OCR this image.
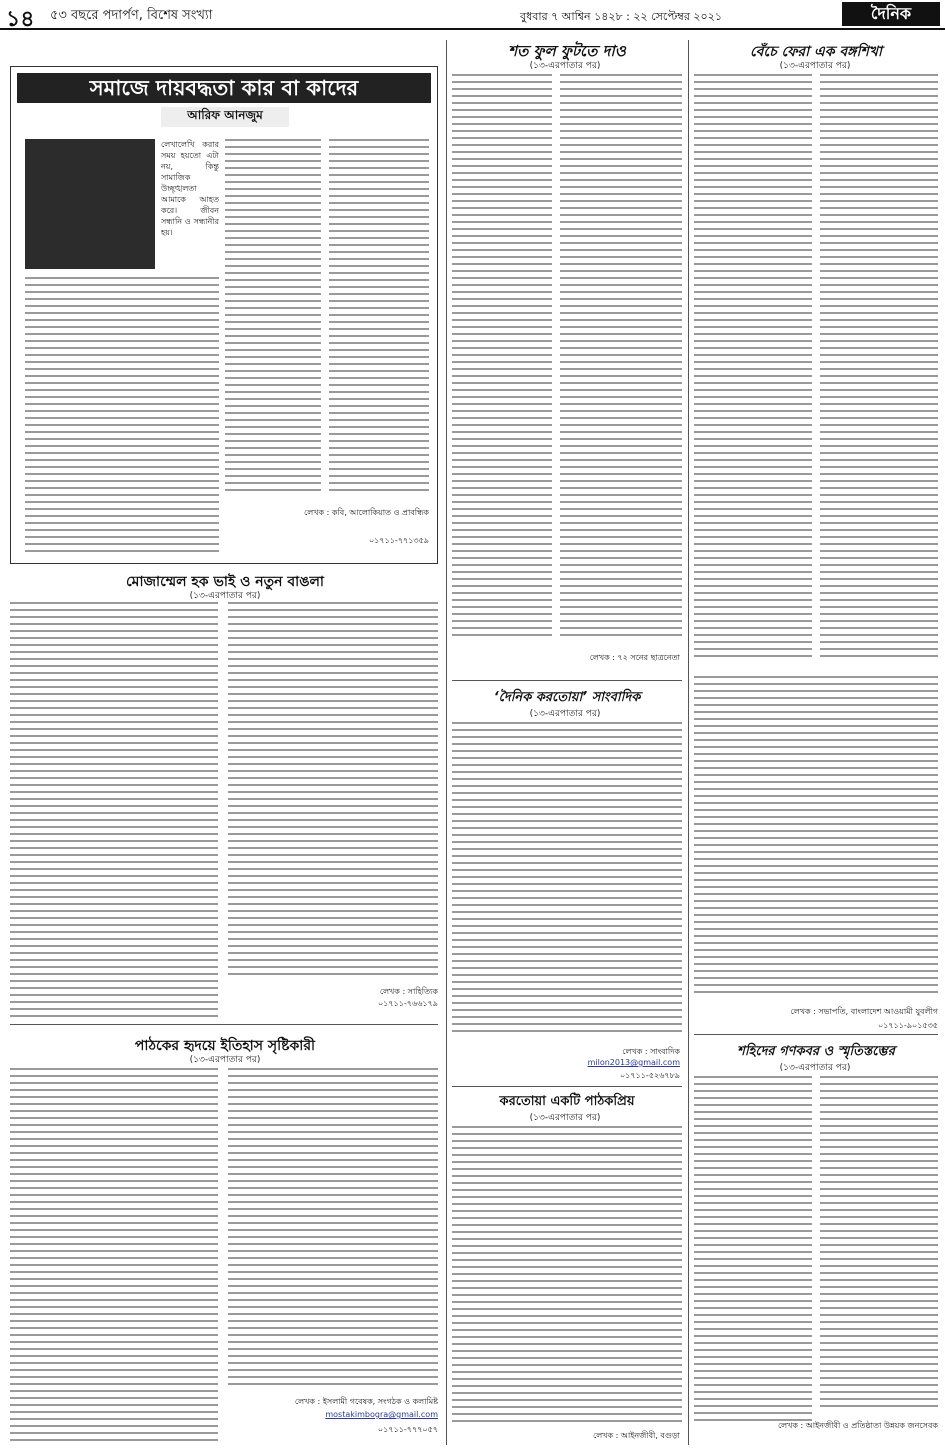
১৪ ৫৩ বছরে পদার্পণ, বিশেষ সংখ্যা	বুধবার ৭ আশ্বিন ১৪২৮ : ২২ সেপ্টেম্বর ২০২১	দৈনিক করতোয়া
সমাজে দায়বদ্ধতা কার বা কাদের
আরিফ আনজুম
লেখালেখি করার সময় হয়তো এটা নয়, কিন্তু সামাজিক উচ্ছৃঙ্খলতা আমাকে আহত করে। জীবন সন্ধানি ও সন্ধানীর হয়।
লেখক : কবি, আলোকিয়াত ও প্রাবন্ধিক
০১৭১১-৭৭১৩৫৯
মোজাম্মেল হক ভাই ও নতুন বাঙলা
(১৩-এরপাতার পর)
লেখক : সাহিত্যিক
০১৭১১-৭৬৬১৭৯
পাঠকের হৃদয়ে ইতিহাস সৃষ্টিকারী
(১৩-এরপাতার পর)
লেখক : ইসলামী গবেষক, সংগঠক ও কলামিষ্ট
mostakimbogra@gmail.com
০১৭১১-৭৭৭০৫৭
শত ফুল ফুটতে দাও
(১৩-এরপাতার পর)
লেখক : ৭২ সনের ছাত্রনেতা
‘দৈনিক করতোয়া’ সাংবাদিক
(১৩-এরপাতার পর)
লেখক : সাংবাদিক
milon2013@gmail.com
০১৭১১-৫২৬৭৮৯
করতোয়া একটি পাঠকপ্রিয়
(১৩-এরপাতার পর)
লেখক : আইনজীবী, বগুড়া
বেঁচে ফেরা এক বঙ্গশিখা
(১৩-এরপাতার পর)
লেখক : সভাপতি, বাংলাদেশ আওয়ামী যুবলীগ
০১৭১১-৯০১৫৩৫
শহিদের গণকবর ও স্মৃতিস্তম্ভের
(১৩-এরপাতার পর)
লেখক : আইনজীবী ও প্রতিষ্ঠাতা উন্নয়ক জনসেবক
